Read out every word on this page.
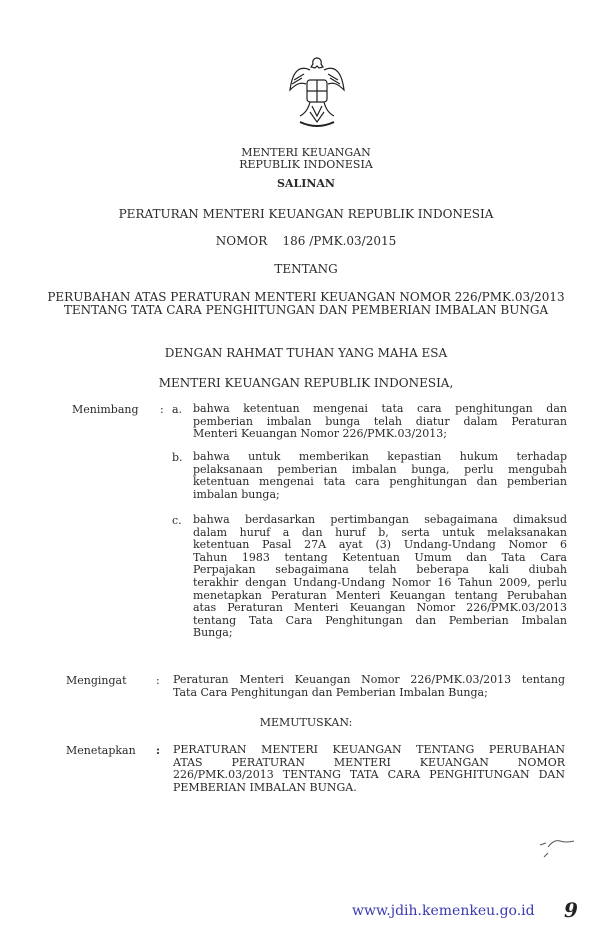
MENTERI KEUANGAN
REPUBLIK INDONESIA
SALINAN
PERATURAN MENTERI KEUANGAN REPUBLIK INDONESIA
NOMOR    186 /PMK.03/2015
TENTANG
PERUBAHAN ATAS PERATURAN MENTERI KEUANGAN NOMOR 226/PMK.03/2013
TENTANG TATA CARA PENGHITUNGAN DAN PEMBERIAN IMBALAN BUNGA
DENGAN RAHMAT TUHAN YANG MAHA ESA
MENTERI KEUANGAN REPUBLIK INDONESIA,
Menimbang : a. bahwa ketentuan mengenai tata cara penghitungan dan
pemberian imbalan bunga telah diatur dalam Peraturan
Menteri Keuangan Nomor 226/PMK.03/2013;
b. bahwa untuk memberikan kepastian hukum terhadap
pelaksanaan pemberian imbalan bunga, perlu mengubah
ketentuan mengenai tata cara penghitungan dan pemberian
imbalan bunga;
c. bahwa berdasarkan pertimbangan sebagaimana dimaksud
dalam huruf a dan huruf b, serta untuk melaksanakan
ketentuan Pasal 27A ayat (3) Undang-Undang Nomor 6
Tahun 1983 tentang Ketentuan Umum dan Tata Cara
Perpajakan sebagaimana telah beberapa kali diubah
terakhir dengan Undang-Undang Nomor 16 Tahun 2009, perlu
menetapkan Peraturan Menteri Keuangan tentang Perubahan
atas Peraturan Menteri Keuangan Nomor 226/PMK.03/2013
tentang Tata Cara Penghitungan dan Pemberian Imbalan
Bunga;
Mengingat	: Peraturan Menteri Keuangan Nomor 226/PMK.03/2013 tentang
Tata Cara Penghitungan dan Pemberian Imbalan Bunga;
MEMUTUSKAN:
Menetapkan : PERATURAN MENTERI KEUANGAN TENTANG PERUBAHAN
ATAS PERATURAN MENTERI KEUANGAN NOMOR
226/PMK.03/2013 TENTANG TATA CARA PENGHITUNGAN DAN
PEMBERIAN IMBALAN BUNGA.
www.jdih.kemenkeu.go.id 9
